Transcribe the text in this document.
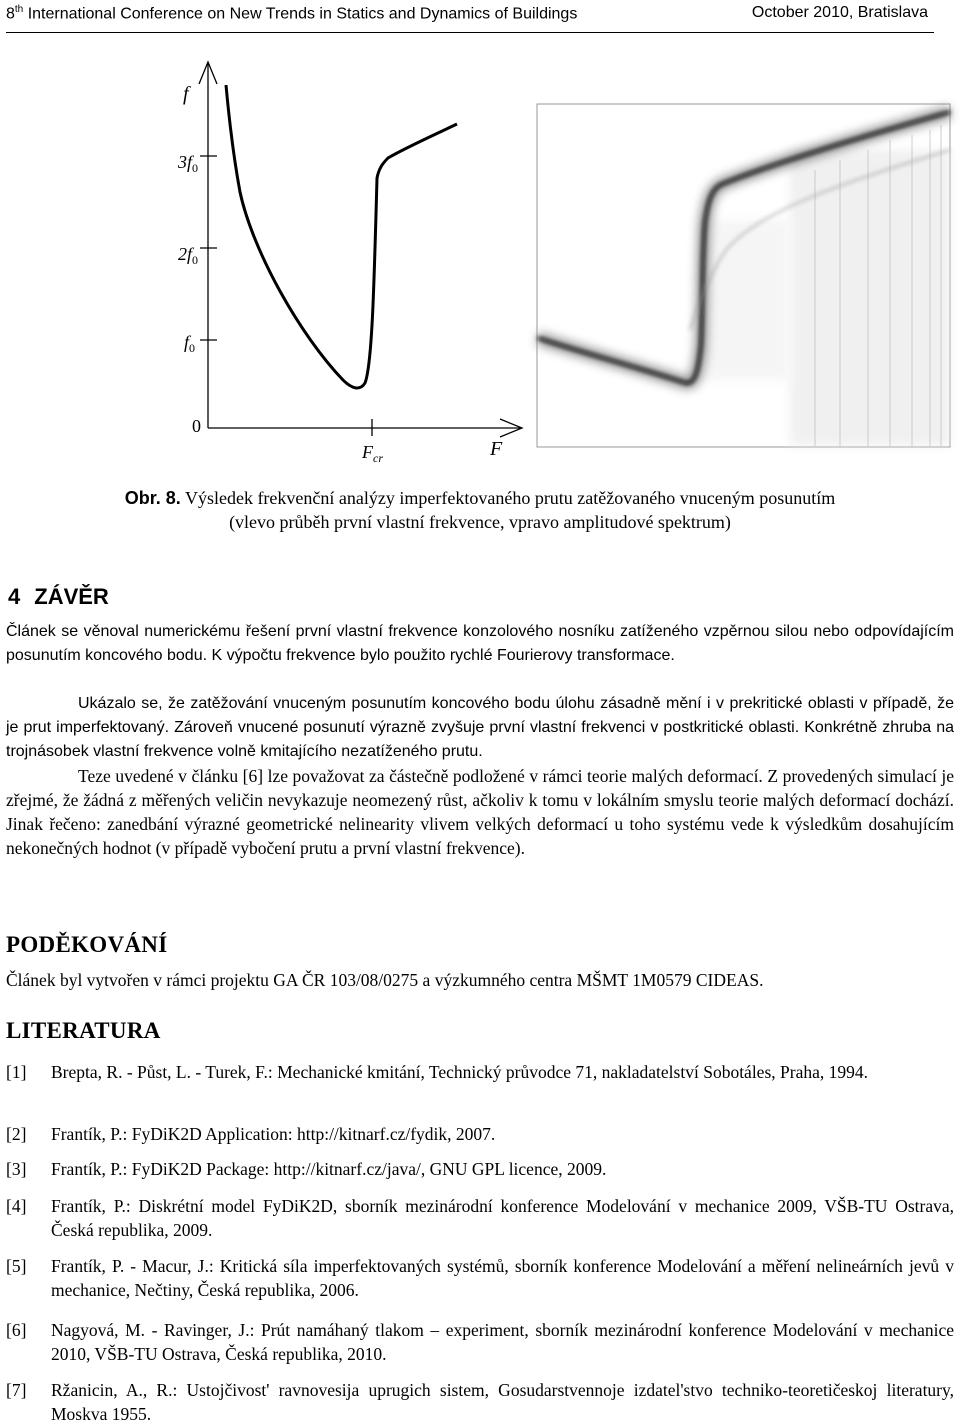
8th International Conference on New Trends in Statics and Dynamics of Buildings	October 2010, Bratislava
f
$3f_0$
$2f_0$
$f_0$
0
$F_{cr}$	F
Obr. 8. Výsledek frekvenční analýzy imperfektovaného prutu zatěžovaného vnuceným posunutím
(vlevo průběh první vlastní frekvence, vpravo amplitudové spektrum)
4 ZÁVĚR
Článek se věnoval numerickému řešení první vlastní frekvence konzolového nosníku zatíženého vzpěrnou silou nebo odpovídajícím posunutím koncového bodu. K výpočtu frekvence bylo použito rychlé Fourierovy transformace.
Ukázalo se, že zatěžování vnuceným posunutím koncového bodu úlohu zásadně mění i v prekritické oblasti v případě, že je prut imperfektovaný. Zároveň vnucené posunutí výrazně zvyšuje první vlastní frekvenci v postkritické oblasti. Konkrétně zhruba na trojnásobek vlastní frekvence volně kmitajícího nezatíženého prutu.
Teze uvedené v článku [6] lze považovat za částečně podložené v rámci teorie malých deformací. Z provedených simulací je zřejmé, že žádná z měřených veličin nevykazuje neomezený růst, ačkoliv k tomu v lokálním smyslu teorie malých deformací dochází. Jinak řečeno: zanedbání výrazné geometrické nelinearity vlivem velkých deformací u toho systému vede k výsledkům dosahujícím nekonečných hodnot (v případě vybočení prutu a první vlastní frekvence).
PODĚKOVÁNÍ
Článek byl vytvořen v rámci projektu GA ČR 103/08/0275 a výzkumného centra MŠMT 1M0579 CIDEAS.
LITERATURA
[1] Brepta, R. - Půst, L. - Turek, F.: Mechanické kmitání, Technický průvodce 71, nakladatelství Sobotáles, Praha, 1994.
[2] Frantík, P.: FyDiK2D Application: http://kitnarf.cz/fydik, 2007.
[3] Frantík, P.: FyDiK2D Package: http://kitnarf.cz/java/, GNU GPL licence, 2009.
[4] Frantík, P.: Diskrétní model FyDiK2D, sborník mezinárodní konference Modelování v mechanice 2009, VŠB-TU Ostrava, Česká republika, 2009.
[5] Frantík, P. - Macur, J.: Kritická síla imperfektovaných systémů, sborník konference Modelování a měření nelineárních jevů v mechanice, Nečtiny, Česká republika, 2006.
[6] Nagyová, M. - Ravinger, J.: Prút namáhaný tlakom – experiment, sborník mezinárodní konference Modelování v mechanice 2010, VŠB-TU Ostrava, Česká republika, 2010.
[7] Ržanicin, A., R.: Ustojčivost' ravnovesija uprugich sistem, Gosudarstvennoje izdatel'stvo techniko-teoretičeskoj literatury, Moskva 1955.
